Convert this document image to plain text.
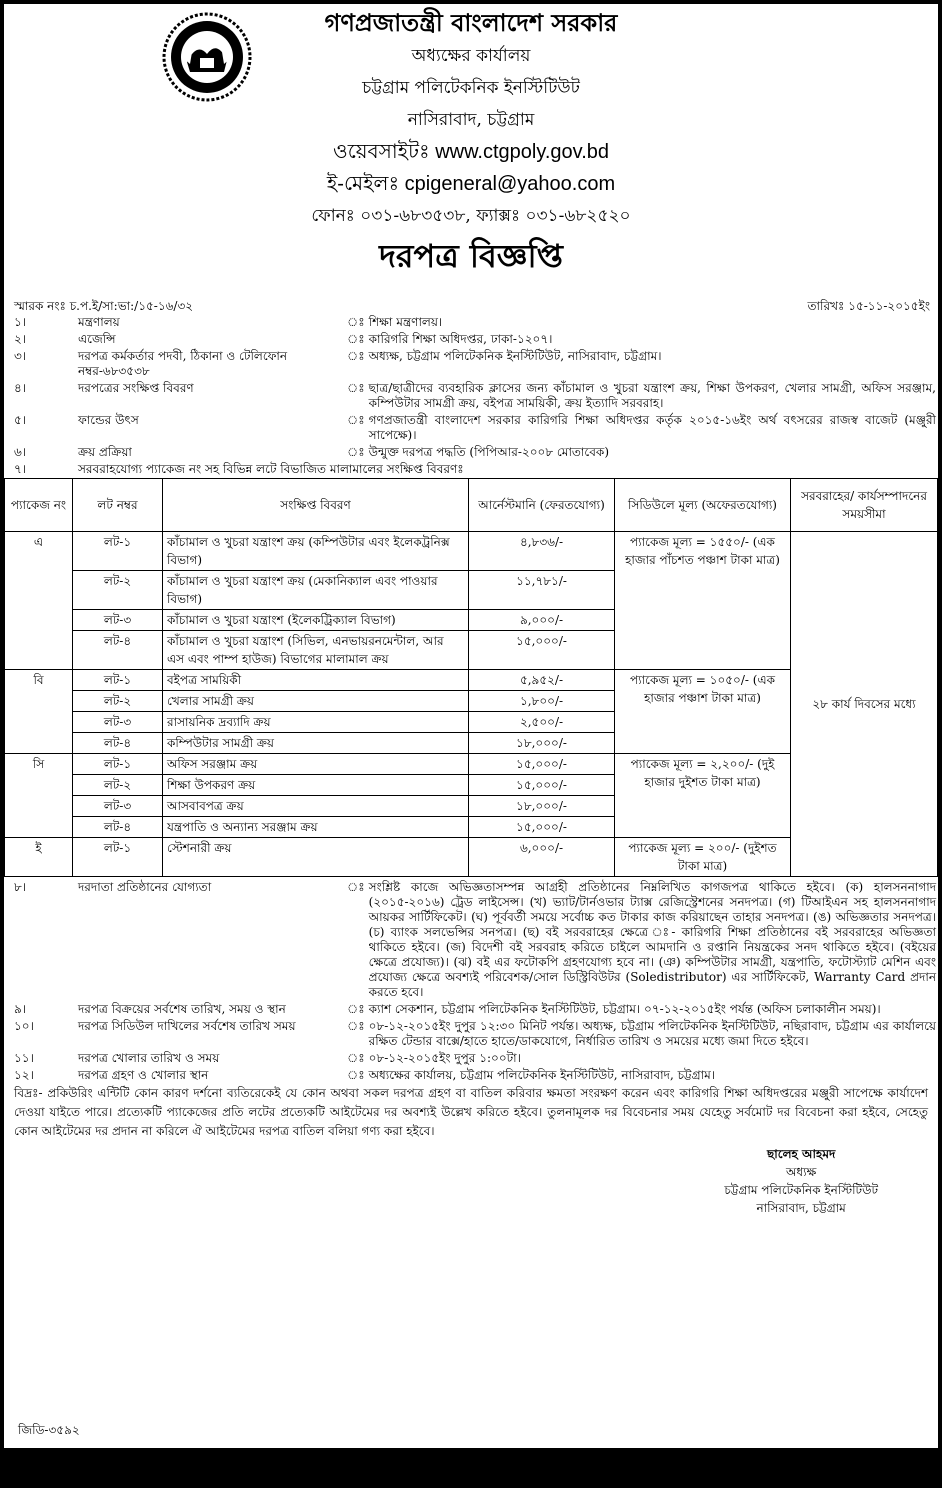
গণপ্রজাতন্ত্রী বাংলাদেশ সরকার
অধ্যক্ষের কার্যালয়
চট্টগ্রাম পলিটেকনিক ইনস্টিটিউট
নাসিরাবাদ, চট্টগ্রাম
ওয়েবসাইটঃ www.ctgpoly.gov.bd
ই-মেইলঃ cpigeneral@yahoo.com
ফোনঃ ০৩১-৬৮৩৫৩৮, ফ্যাক্সঃ ০৩১-৬৮২৫২০
দরপত্র বিজ্ঞপ্তি
স্মারক নংঃ চ.প.ই/সা:ভা:/১৫-১৬/৩২	তারিখঃ ১৫-১১-২০১৫ইং
১।	মন্ত্রণালয়	ঃ	শিক্ষা মন্ত্রণালয়।
২।	এজেন্সি	ঃ	কারিগরি শিক্ষা অধিদপ্তর, ঢাকা-১২০৭।
৩।	দরপত্র কর্মকর্তার পদবী, ঠিকানা ও টেলিফোন নম্বর-৬৮৩৫৩৮	ঃ	অধ্যক্ষ, চট্টগ্রাম পলিটেকনিক ইনস্টিটিউট, নাসিরাবাদ, চট্টগ্রাম।
৪।	দরপত্রের সংক্ষিপ্ত বিবরণ	ঃ	ছাত্র/ছাত্রীদের ব্যবহারিক ক্লাসের জন্য কাঁচামাল ও খুচরা যন্ত্রাংশ ক্রয়, শিক্ষা উপকরণ, খেলার সামগ্রী, অফিস সরঞ্জাম, কম্পিউটার সামগ্রী ক্রয়, বইপত্র সাময়িকী, ক্রয় ইত্যাদি সরবরাহ।
৫।	ফান্ডের উৎস	ঃ	গণপ্রজাতন্ত্রী বাংলাদেশ সরকার কারিগরি শিক্ষা অধিদপ্তর কর্তৃক ২০১৫-১৬ইং অর্থ বৎসরের রাজস্ব বাজেট (মঞ্জুরী সাপেক্ষে)।
৬।	ক্রয় প্রক্রিয়া	ঃ	উন্মুক্ত দরপত্র পদ্ধতি (পিপিআর-২০০৮ মোতাবেক)
৭।	সরবরাহযোগ্য প্যাকেজ নং সহ বিভিন্ন লটে বিভাজিত মালামালের সংক্ষিপ্ত বিবরণঃ
প্যাকেজ নং	লট নম্বর	সংক্ষিপ্ত বিবরণ	আর্নেস্টমানি (ফেরতযোগ্য)	সিডিউলে মূল্য (অফেরতযোগ্য)	সরবরাহের/ কার্যসম্পাদনের সময়সীমা
এ	লট-১	কাঁচামাল ও খুচরা যন্ত্রাংশ ক্রয় (কম্পিউটার এবং ইলেকট্রনিক্স বিভাগ)	৪,৮৩৬/-	প্যাকেজ মূল্য = ১৫৫০/- (এক হাজার পাঁচশত পঞ্চাশ টাকা মাত্র)	২৮ কার্য দিবসের মধ্যে
	লট-২	কাঁচামাল ও খুচরা যন্ত্রাংশ ক্রয় (মেকানিক্যাল এবং পাওয়ার বিভাগ)	১১,৭৮১/-		
	লট-৩	কাঁচামাল ও খুচরা যন্ত্রাংশ (ইলেকট্রিক্যাল বিভাগ)	৯,০০০/-		
	লট-৪	কাঁচামাল ও খুচরা যন্ত্রাংশ (সিভিল, এনভায়রনমেন্টাল, আর এস এবং পাম্প হাউজ) বিভাগের মালামাল ক্রয়	১৫,০০০/-		
বি	লট-১	বইপত্র সাময়িকী	৫,৯৫২/-	প্যাকেজ মূল্য = ১০৫০/- (এক হাজার পঞ্চাশ টাকা মাত্র)	
	লট-২	খেলার সামগ্রী ক্রয়	১,৮০০/-		
	লট-৩	রাসায়নিক দ্রব্যাদি ক্রয়	২,৫০০/-		
	লট-৪	কম্পিউটার সামগ্রী ক্রয়	১৮,০০০/-		
সি	লট-১	অফিস সরঞ্জাম ক্রয়	১৫,০০০/-	প্যাকেজ মূল্য = ২,২০০/- (দুই হাজার দুইশত টাকা মাত্র)	
	লট-২	শিক্ষা উপকরণ ক্রয়	১৫,০০০/-		
	লট-৩	আসবাবপত্র ক্রয়	১৮,০০০/-		
	লট-৪	যন্ত্রপাতি ও অন্যান্য সরঞ্জাম ক্রয়	১৫,০০০/-		
ই	লট-১	স্টেশনারী ক্রয়	৬,০০০/-	প্যাকেজ মূল্য = ২০০/- (দুইশত টাকা মাত্র)	
৮।	দরদাতা প্রতিষ্ঠানের যোগ্যতা	ঃ	সংশ্লিষ্ট কাজে অভিজ্ঞতাসম্পন্ন আগ্রহী প্রতিষ্ঠানের নিম্নলিখিত কাগজপত্র থাকিতে হইবে। (ক) হালসননাগাদ (২০১৫-২০১৬) ট্রেড লাইসেন্স। (খ) ভ্যাট/টার্নওভার ট্যাক্স রেজিস্ট্রেশনের সনদপত্র। (গ) টিআইএন সহ হালসননাগাদ আয়কর সার্টিফিকেট। (ঘ) পূর্ববর্তী সময়ে সর্বোচ্চ কত টাকার কাজ করিয়াছেন তাহার সনদপত্র। (ঙ) অভিজ্ঞতার সনদপত্র। (চ) ব্যাংক সলভেন্সির সনপত্র। (ছ) বই সরবরাহের ক্ষেত্রে ঃ- কারিগরি শিক্ষা প্রতিষ্ঠানের বই সরবরাহের অভিজ্ঞতা থাকিতে হইবে। (জ) বিদেশী বই সরবরাহ করিতে চাইলে আমদানি ও রপ্তানি নিয়ন্ত্রকের সনদ থাকিতে হইবে। (বইয়ের ক্ষেত্রে প্রযোজ্য)। (ঝ) বই এর ফটোকপি গ্রহণযোগ্য হবে না। (ঞ) কম্পিউটার সামগ্রী, যন্ত্রপাতি, ফটোস্ট্যাট মেশিন এবং প্রযোজ্য ক্ষেত্রে অবশ্যই পরিবেশক/সোল ডিস্ট্রিবিউটর (Soledistributor) এর সার্টিফিকেট, Warranty Card প্রদান করতে হবে।
৯।	দরপত্র বিক্রয়ের সর্বশেষ তারিখ, সময় ও স্থান	ঃ	ক্যাশ সেকশান, চট্টগ্রাম পলিটেকনিক ইনস্টিটিউট, চট্টগ্রাম। ০৭-১২-২০১৫ইং পর্যন্ত (অফিস চলাকালীন সময়)।
১০।	দরপত্র সিডিউল দাখিলের সর্বশেষ তারিখ সময়	ঃ	০৮-১২-২০১৫ইং দুপুর ১২:৩০ মিনিট পর্যন্ত। অধ্যক্ষ, চট্টগ্রাম পলিটেকনিক ইনস্টিটিউট, নছিরাবাদ, চট্টগ্রাম এর কার্যালয়ে রক্ষিত টেন্ডার বাক্সে/হাতে হাতে/ডাকযোগে, নির্ধারিত তারিখ ও সময়ের মধ্যে জমা দিতে হইবে।
১১।	দরপত্র খোলার তারিখ ও সময়	ঃ	০৮-১২-২০১৫ইং দুপুর ১:০০টা।
১২।	দরপত্র গ্রহণ ও খোলার স্থান	ঃ	অধ্যক্ষের কার্যালয়, চট্টগ্রাম পলিটেকনিক ইনস্টিটিউট, নাসিরাবাদ, চট্টগ্রাম।
বিদ্রঃ- প্রকিউরিং এন্টিটি কোন কারণ দর্শনো ব্যতিরেকেই যে কোন অথবা সকল দরপত্র গ্রহণ বা বাতিল করিবার ক্ষমতা সংরক্ষণ করেন এবং কারিগরি শিক্ষা অধিদপ্তরের মঞ্জুরী সাপেক্ষে কার্যাদেশ দেওয়া যাইতে পারে। প্রত্যেকটি প্যাকেজের প্রতি লটের প্রত্যেকটি আইটেমের দর অবশ্যই উল্লেখ করিতে হইবে। তুলনামূলক দর বিবেচনার সময় যেহেতু সর্বমোট দর বিবেচনা করা হইবে, সেহেতু কোন আইটেমের দর প্রদান না করিলে ঐ আইটেমের দরপত্র বাতিল বলিয়া গণ্য করা হইবে।
ছালেহ আহমদ
অধ্যক্ষ
চট্টগ্রাম পলিটেকনিক ইনস্টিটিউট
নাসিরাবাদ, চট্টগ্রাম
জিডি-৩৫৯২
